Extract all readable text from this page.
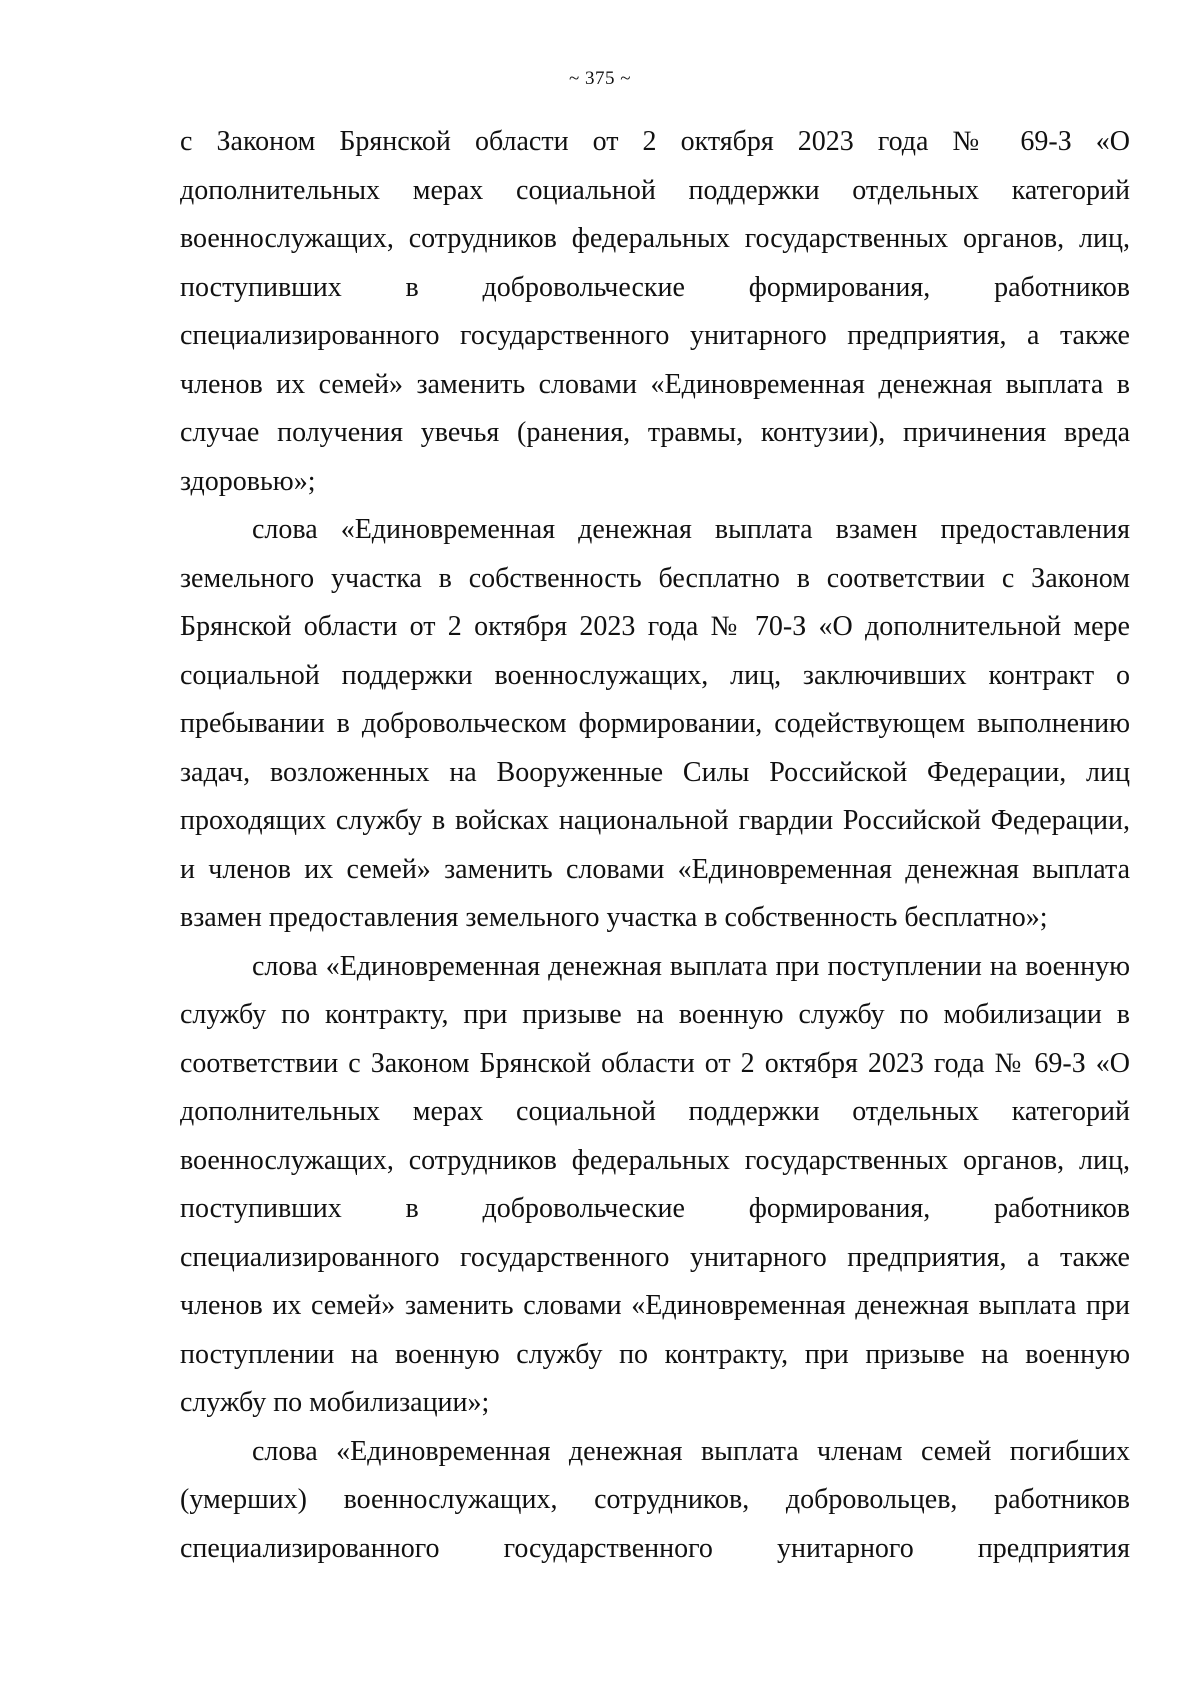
~ 375 ~

с Законом Брянской области от 2 октября 2023 года № 69-З «О дополнительных мерах социальной поддержки отдельных категорий военнослужащих, сотрудников федеральных государственных органов, лиц, поступивших в добровольческие формирования, работников специализированного государственного унитарного предприятия, а также членов их семей» заменить словами «Единовременная денежная выплата в случае получения увечья (ранения, травмы, контузии), причинения вреда здоровью»;

слова «Единовременная денежная выплата взамен предоставления земельного участка в собственность бесплатно в соответствии с Законом Брянской области от 2 октября 2023 года № 70-З «О дополнительной мере социальной поддержки военнослужащих, лиц, заключивших контракт о пребывании в добровольческом формировании, содействующем выполнению задач, возложенных на Вооруженные Силы Российской Федерации, лиц проходящих службу в войсках национальной гвардии Российской Федерации, и членов их семей» заменить словами «Единовременная денежная выплата взамен предоставления земельного участка в собственность бесплатно»;

слова «Единовременная денежная выплата при поступлении на военную службу по контракту, при призыве на военную службу по мобилизации в соответствии с Законом Брянской области от 2 октября 2023 года № 69-З «О дополнительных мерах социальной поддержки отдельных категорий военнослужащих, сотрудников федеральных государственных органов, лиц, поступивших в добровольческие формирования, работников специализированного государственного унитарного предприятия, а также членов их семей» заменить словами «Единовременная денежная выплата при поступлении на военную службу по контракту, при призыве на военную службу по мобилизации»;

слова «Единовременная денежная выплата членам семей погибших (умерших) военнослужащих, сотрудников, добровольцев, работников специализированного государственного унитарного предприятия
